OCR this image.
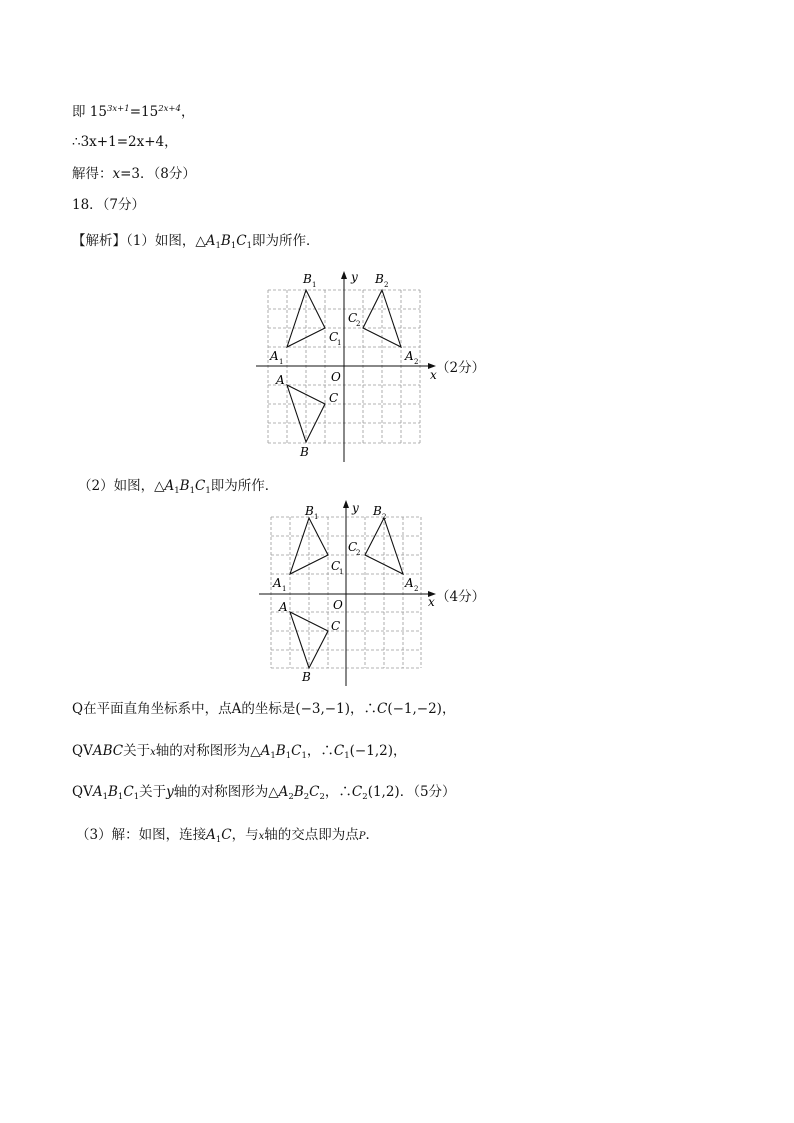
即 $15^{3x+1}=15^{2x+4}$，
∴3x+1=2x+4，
解得：x=3．（8分）
18．（7分）
【解析】（1）如图，$\triangle A_1B_1C_1$即为所作．
x
y
O
A
C
B
B 1
C
1
A 1
B 2
C
2
A 2 （2分）
（2）如图，$\triangle A_1B_1C_1$即为所作．
x
y
O
A
C
B
B 1
C
1
A 1
B 2
C
2
A 2 （4分）
Q在平面直角坐标系中，点A的坐标是(−3,−1)，∴C(−1,−2)，
QVABC关于x轴的对称图形为$\triangle A_1B_1C_1$，$\therefore C_1(-1,2)$，
$QVA_1B_1C_1$关于y轴的对称图形为$\triangle A_2B_2C_2$，$\therefore C_2(1,2)$．（5分）
（3）解：如图，连接$A_1C$，与x轴的交点即为点P．
